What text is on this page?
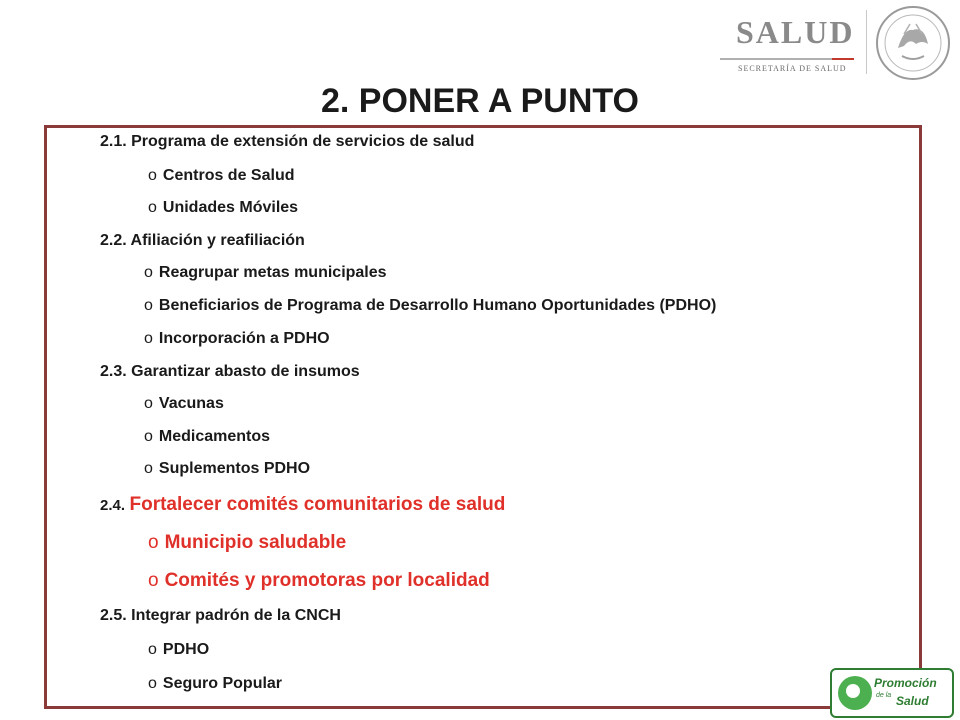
SALUD
SECRETARÍA DE SALUD
2. PONER A PUNTO
2.1. Programa de extensión de servicios de salud
o Centros de Salud
o Unidades Móviles
2.2. Afiliación y reafiliación
o Reagrupar metas municipales
o Beneficiarios de Programa de Desarrollo Humano Oportunidades (PDHO)
o Incorporación a PDHO
2.3. Garantizar abasto de insumos
o Vacunas
o Medicamentos
o Suplementos PDHO
2.4. Fortalecer comités comunitarios de salud
o Municipio saludable
o Comités y promotoras por localidad
2.5. Integrar padrón de la CNCH
o PDHO
o Seguro Popular	Promoción
de la Salud
